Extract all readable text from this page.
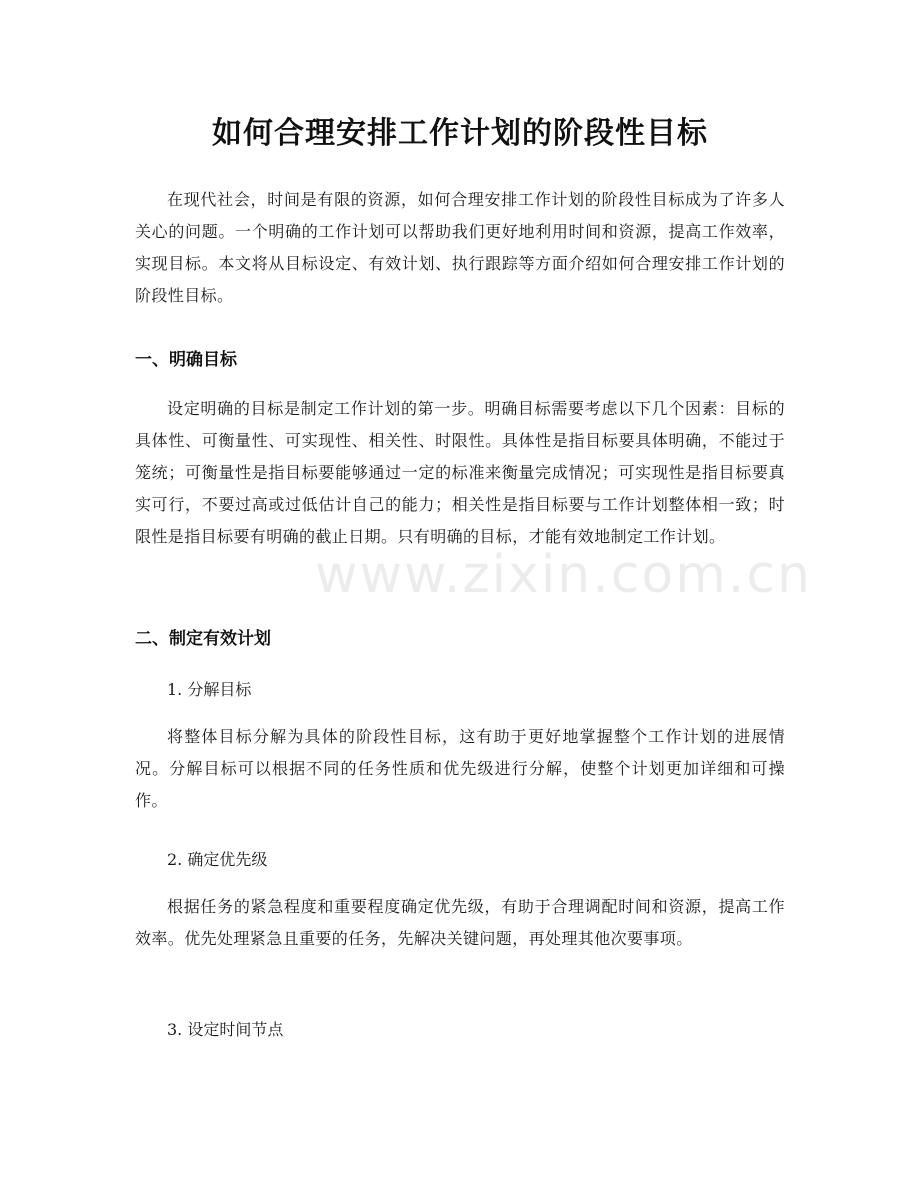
如何合理安排工作计划的阶段性目标

在现代社会，时间是有限的资源，如何合理安排工作计划的阶段性目标成为了许多人关心的问题。一个明确的工作计划可以帮助我们更好地利用时间和资源，提高工作效率，实现目标。本文将从目标设定、有效计划、执行跟踪等方面介绍如何合理安排工作计划的阶段性目标。

一、明确目标

设定明确的目标是制定工作计划的第一步。明确目标需要考虑以下几个因素：目标的具体性、可衡量性、可实现性、相关性、时限性。具体性是指目标要具体明确，不能过于笼统；可衡量性是指目标要能够通过一定的标准来衡量完成情况；可实现性是指目标要真实可行，不要过高或过低估计自己的能力；相关性是指目标要与工作计划整体相一致；时限性是指目标要有明确的截止日期。只有明确的目标，才能有效地制定工作计划。

二、制定有效计划

1. 分解目标

将整体目标分解为具体的阶段性目标，这有助于更好地掌握整个工作计划的进展情况。分解目标可以根据不同的任务性质和优先级进行分解，使整个计划更加详细和可操作。

2. 确定优先级

根据任务的紧急程度和重要程度确定优先级，有助于合理调配时间和资源，提高工作效率。优先处理紧急且重要的任务，先解决关键问题，再处理其他次要事项。

3. 设定时间节点

www.zixin.com.cn
